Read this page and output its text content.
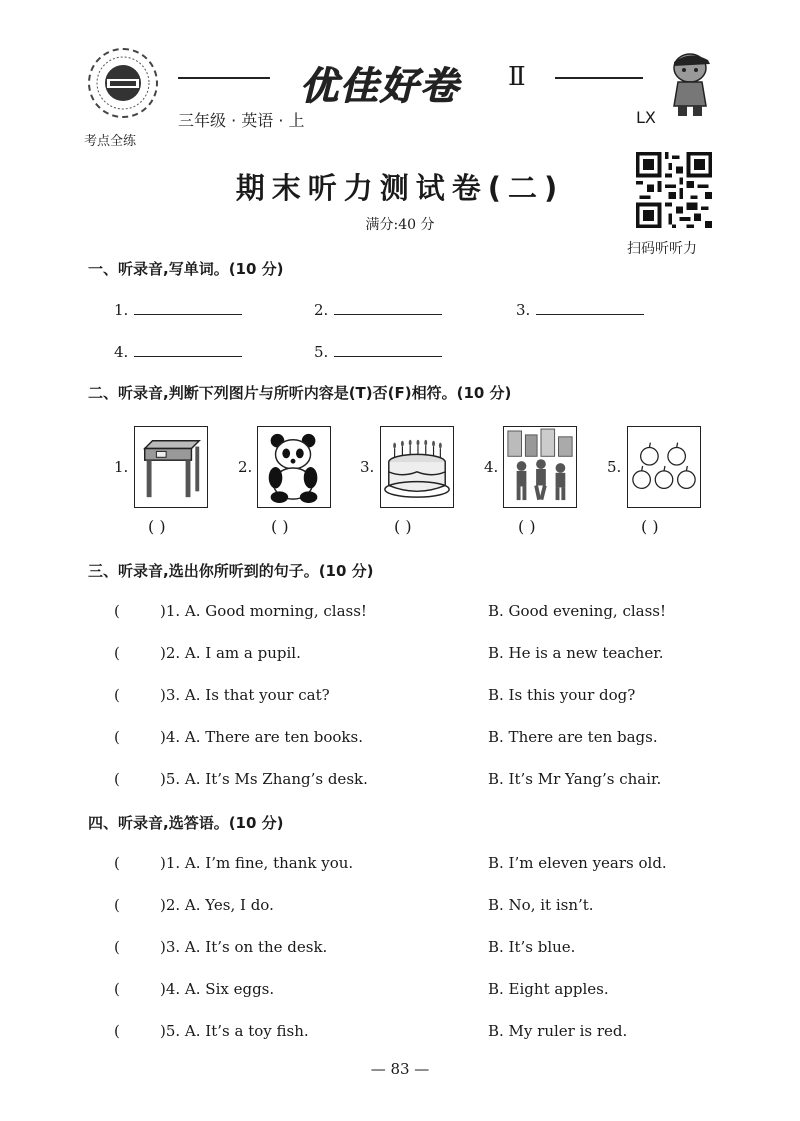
考点全练
优佳好卷 Ⅱ
三年级 · 英语 · 上	LX
扫码听听力
期末听力测试卷(二)
满分:40 分
一、听录音,写单词。(10 分)
1.	2.	3.
4.	5.
二、听录音,判断下列图片与所听内容是(T)否(F)相符。(10 分)
1.
( )
2.
( )
3.
( )
4.
( )
5.
( )
三、听录音,选出你所听到的句子。(10 分)
(	)1. A. Good morning, class!	B. Good evening, class!
(	)2. A. I am a pupil.	B. He is a new teacher.
(	)3. A. Is that your cat?	B. Is this your dog?
(	)4. A. There are ten books.	B. There are ten bags.
(	)5. A. It’s Ms Zhang’s desk.	B. It’s Mr Yang’s chair.
四、听录音,选答语。(10 分)
(	)1. A. I’m fine, thank you.	B. I’m eleven years old.
(	)2. A. Yes, I do.	B. No, it isn’t.
(	)3. A. It’s on the desk.	B. It’s blue.
(	)4. A. Six eggs.	B. Eight apples.
(	)5. A. It’s a toy fish.	B. My ruler is red.
— 83 —
